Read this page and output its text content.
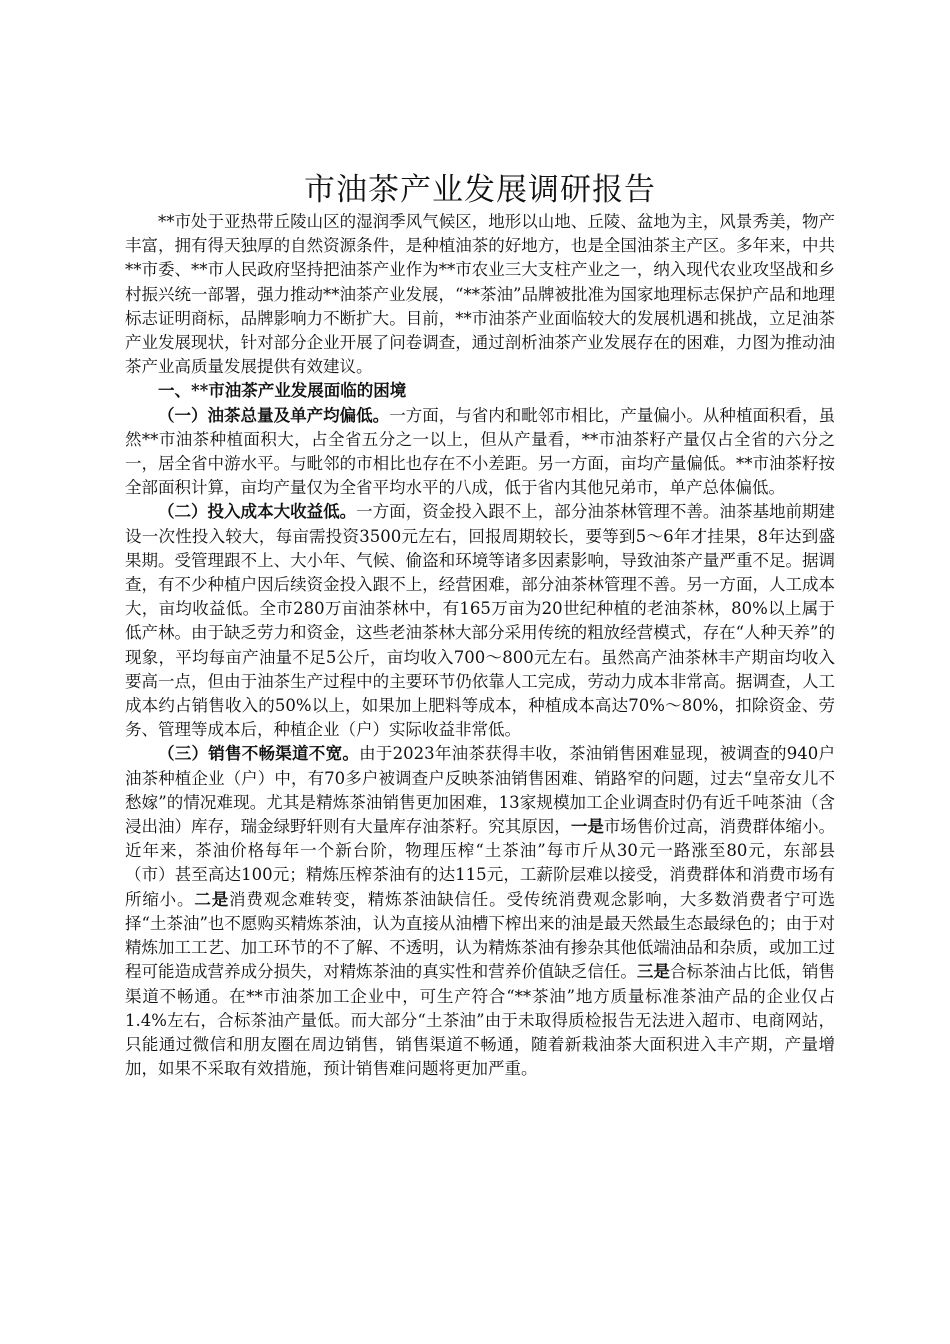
市油茶产业发展调研报告

**市处于亚热带丘陵山区的湿润季风气候区，地形以山地、丘陵、盆地为主，风景秀美，物产丰富，拥有得天独厚的自然资源条件，是种植油茶的好地方，也是全国油茶主产区。多年来，中共**市委、**市人民政府坚持把油茶产业作为**市农业三大支柱产业之一，纳入现代农业攻坚战和乡村振兴统一部署，强力推动**油茶产业发展，“**茶油”品牌被批准为国家地理标志保护产品和地理标志证明商标，品牌影响力不断扩大。目前，**市油茶产业面临较大的发展机遇和挑战，立足油茶产业发展现状，针对部分企业开展了问卷调查，通过剖析油茶产业发展存在的困难，力图为推动油茶产业高质量发展提供有效建议。

一、**市油茶产业发展面临的困境

（一）油茶总量及单产均偏低。一方面，与省内和毗邻市相比，产量偏小。从种植面积看，虽然**市油茶种植面积大，占全省五分之一以上，但从产量看，**市油茶籽产量仅占全省的六分之一，居全省中游水平。与毗邻的市相比也存在不小差距。另一方面，亩均产量偏低。**市油茶籽按全部面积计算，亩均产量仅为全省平均水平的八成，低于省内其他兄弟市，单产总体偏低。

（二）投入成本大收益低。一方面，资金投入跟不上，部分油茶林管理不善。油茶基地前期建设一次性投入较大，每亩需投资3500元左右，回报周期较长，要等到5～6年才挂果，8年达到盛果期。受管理跟不上、大小年、气候、偷盗和环境等诸多因素影响，导致油茶产量严重不足。据调查，有不少种植户因后续资金投入跟不上，经营困难，部分油茶林管理不善。另一方面，人工成本大，亩均收益低。全市280万亩油茶林中，有165万亩为20世纪种植的老油茶林，80%以上属于低产林。由于缺乏劳力和资金，这些老油茶林大部分采用传统的粗放经营模式，存在“人种天养”的现象，平均每亩产油量不足5公斤，亩均收入700～800元左右。虽然高产油茶林丰产期亩均收入要高一点，但由于油茶生产过程中的主要环节仍依靠人工完成，劳动力成本非常高。据调查，人工成本约占销售收入的50%以上，如果加上肥料等成本，种植成本高达70%～80%，扣除资金、劳务、管理等成本后，种植企业（户）实际收益非常低。

（三）销售不畅渠道不宽。由于2023年油茶获得丰收，茶油销售困难显现，被调查的940户油茶种植企业（户）中，有70多户被调查户反映茶油销售困难、销路窄的问题，过去“皇帝女儿不愁嫁”的情况难现。尤其是精炼茶油销售更加困难，13家规模加工企业调查时仍有近千吨茶油（含浸出油）库存，瑞金绿野轩则有大量库存油茶籽。究其原因，一是市场售价过高，消费群体缩小。近年来，茶油价格每年一个新台阶，物理压榨“土茶油”每市斤从30元一路涨至80元，东部县（市）甚至高达100元；精炼压榨茶油有的达115元，工薪阶层难以接受，消费群体和消费市场有所缩小。二是消费观念难转变，精炼茶油缺信任。受传统消费观念影响，大多数消费者宁可选择“土茶油”也不愿购买精炼茶油，认为直接从油槽下榨出来的油是最天然最生态最绿色的；由于对精炼加工工艺、加工环节的不了解、不透明，认为精炼茶油有掺杂其他低端油品和杂质，或加工过程可能造成营养成分损失，对精炼茶油的真实性和营养价值缺乏信任。三是合标茶油占比低，销售渠道不畅通。在**市油茶加工企业中，可生产符合“**茶油”地方质量标准茶油产品的企业仅占1.4%左右，合标茶油产量低。而大部分“土茶油”由于未取得质检报告无法进入超市、电商网站，只能通过微信和朋友圈在周边销售，销售渠道不畅通，随着新栽油茶大面积进入丰产期，产量增加，如果不采取有效措施，预计销售难问题将更加严重。
